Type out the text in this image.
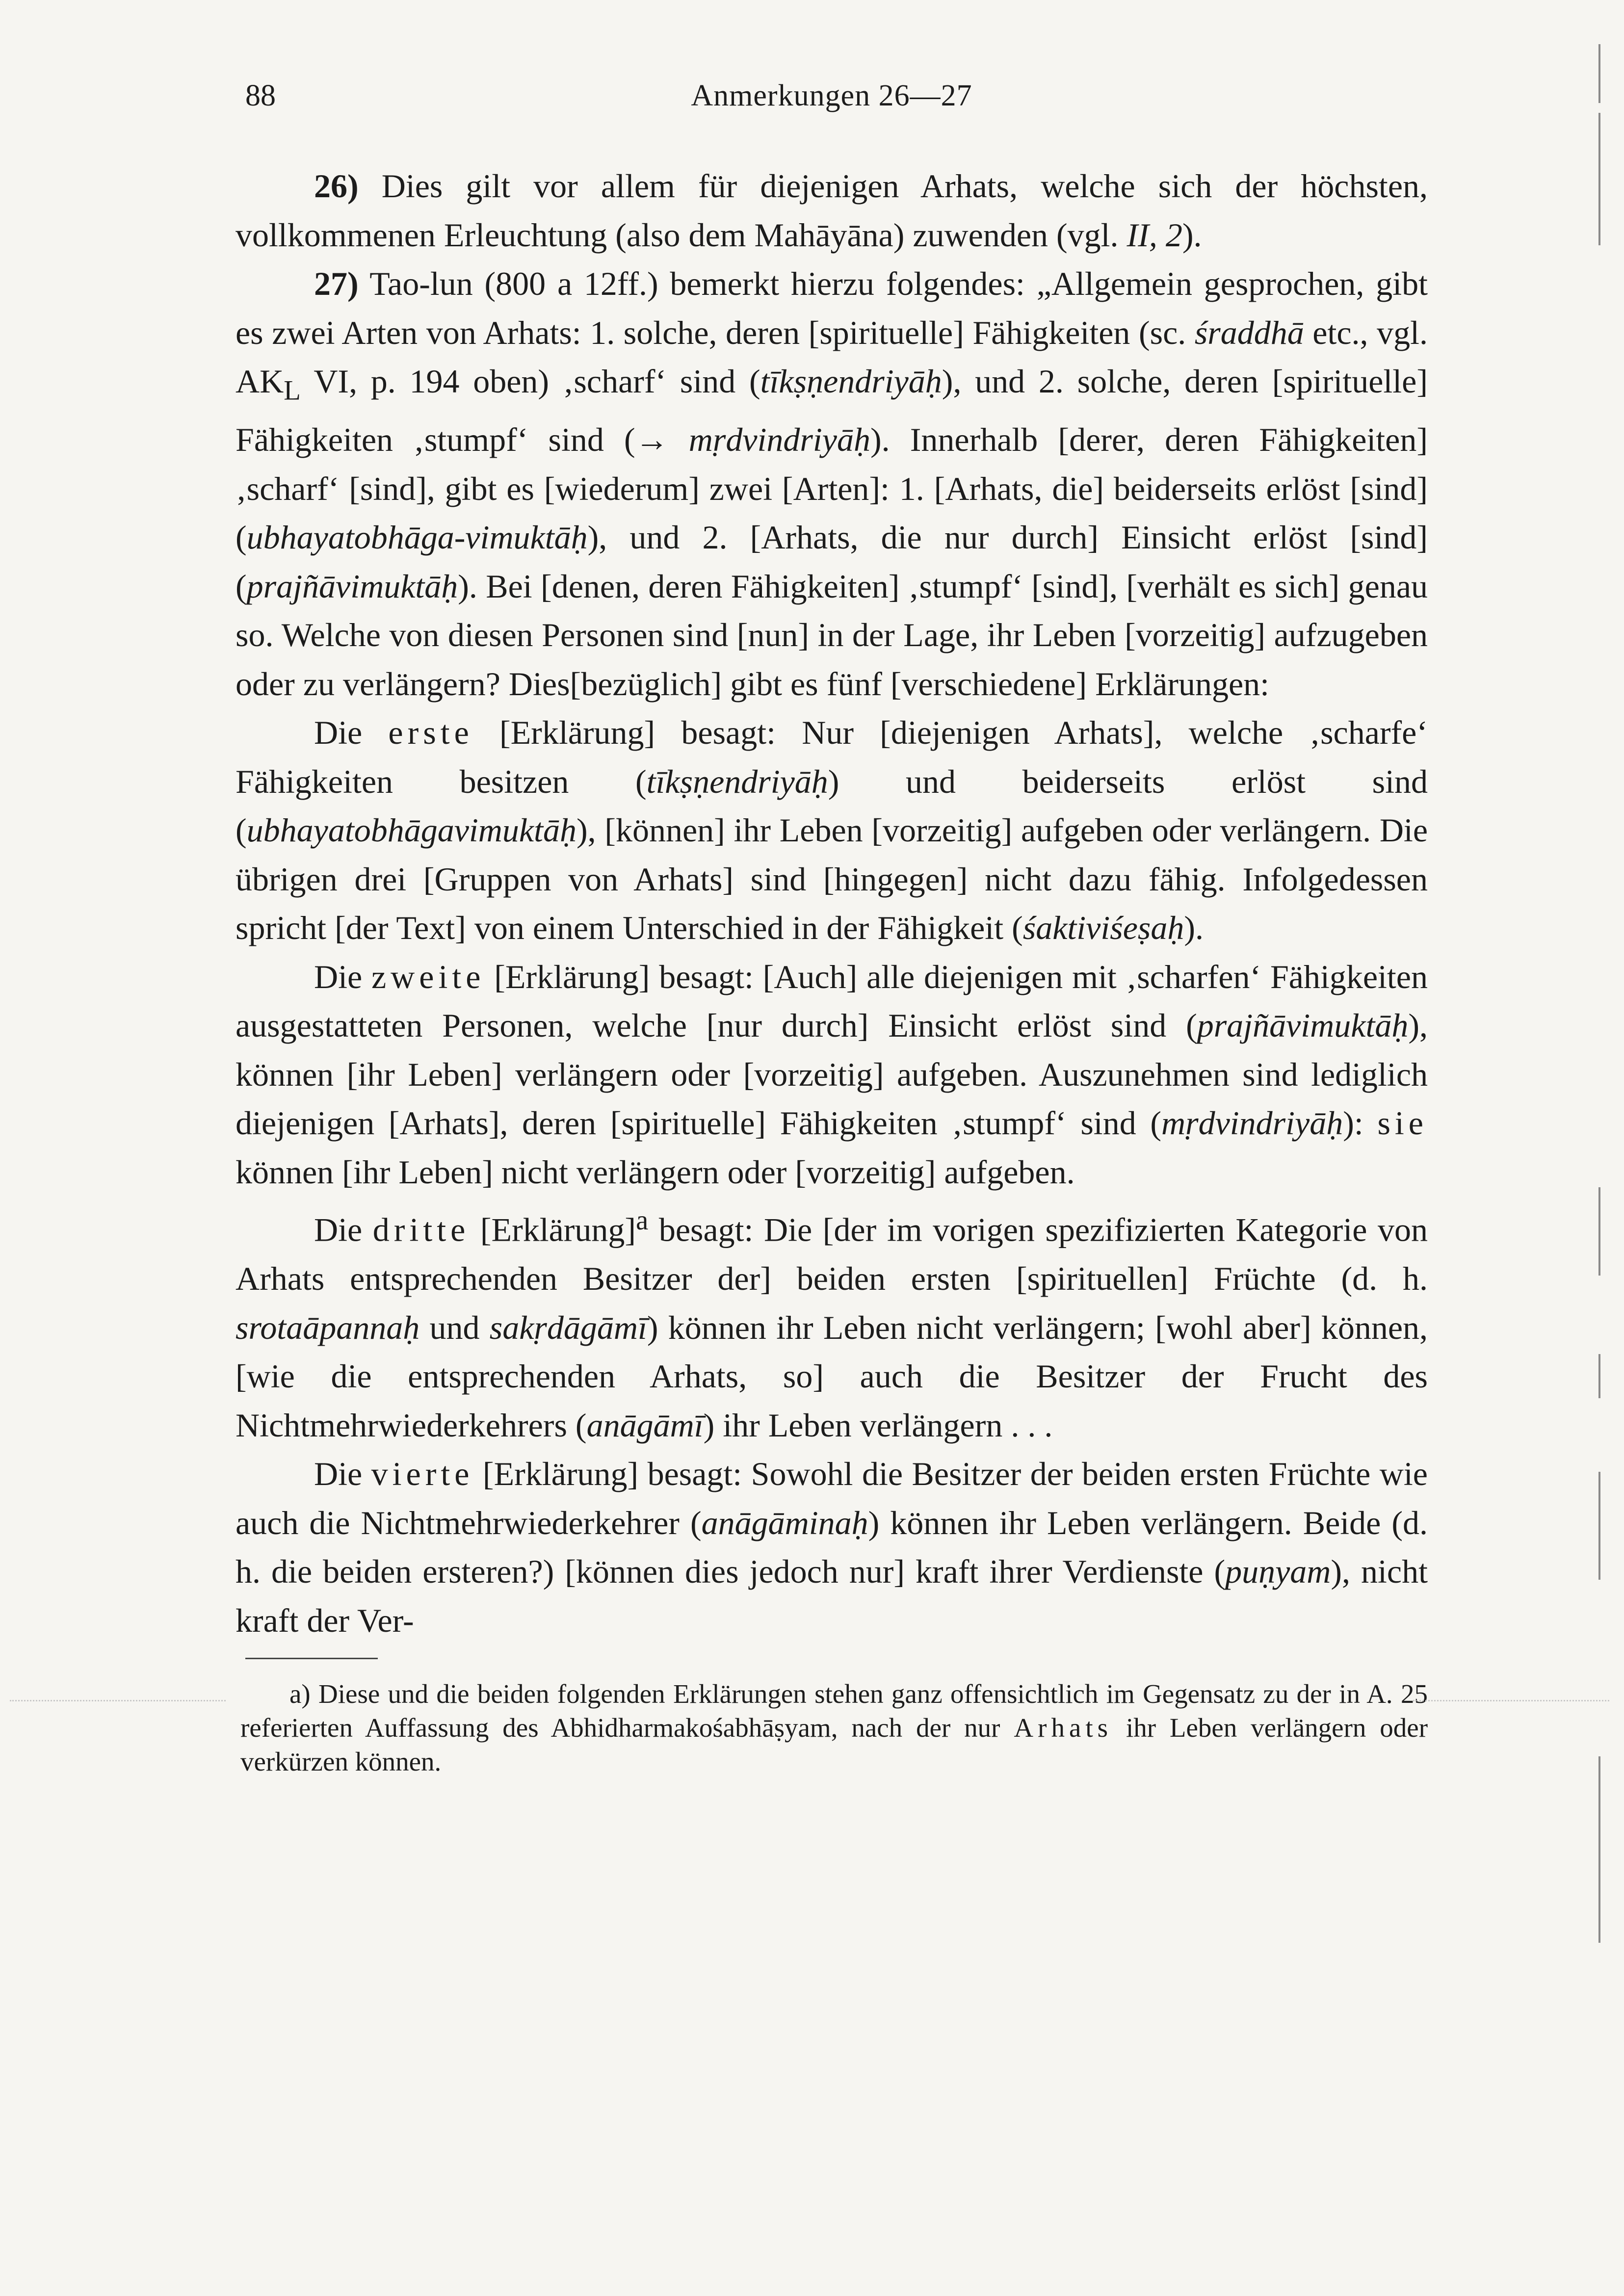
88	Anmerkungen 26—27

26) Dies gilt vor allem für diejenigen Arhats, welche sich der höchsten, vollkommenen Erleuchtung (also dem Mahāyāna) zuwenden (vgl. II, 2).

27) Tao-lun (800 a 12ff.) bemerkt hierzu folgendes: „Allgemein gesprochen, gibt es zwei Arten von Arhats: 1. solche, deren [spirituelle] Fähigkeiten (sc. śraddhā etc., vgl. $AK_L$ VI, p. 194 oben) ‚scharf‘ sind (tīkṣṇendriyāḥ), und 2. solche, deren [spirituelle] Fähigkeiten ‚stumpf‘ sind (→ mṛdvindriyāḥ). Innerhalb [derer, deren Fähigkeiten] ‚scharf‘ [sind], gibt es [wiederum] zwei [Arten]: 1. [Arhats, die] beiderseits erlöst [sind] (ubhayatobhāga-vimuktāḥ), und 2. [Arhats, die nur durch] Einsicht erlöst [sind] (prajñāvimuktāḥ). Bei [denen, deren Fähigkeiten] ‚stumpf‘ [sind], [verhält es sich] genau so. Welche von diesen Personen sind [nun] in der Lage, ihr Leben [vorzeitig] aufzugeben oder zu verlängern? Dies[bezüglich] gibt es fünf [verschiedene] Erklärungen:

Die erste [Erklärung] besagt: Nur [diejenigen Arhats], welche ‚scharfe‘ Fähigkeiten besitzen (tīkṣṇendriyāḥ) und beiderseits erlöst sind (ubhayatobhāgavimuktāḥ), [können] ihr Leben [vorzeitig] aufgeben oder verlängern. Die übrigen drei [Gruppen von Arhats] sind [hingegen] nicht dazu fähig. Infolgedessen spricht [der Text] von einem Unterschied in der Fähigkeit (śaktiviśeṣaḥ).

Die zweite [Erklärung] besagt: [Auch] alle diejenigen mit ‚scharfen‘ Fähigkeiten ausgestatteten Personen, welche [nur durch] Einsicht erlöst sind (prajñāvimuktāḥ), können [ihr Leben] verlängern oder [vorzeitig] aufgeben. Auszunehmen sind lediglich diejenigen [Arhats], deren [spirituelle] Fähigkeiten ‚stumpf‘ sind (mṛdvindriyāḥ): sie können [ihr Leben] nicht verlängern oder [vorzeitig] aufgeben.

Die dritte [Erklärung]$^a$ besagt: Die [der im vorigen spezifizierten Kategorie von Arhats entsprechenden Besitzer der] beiden ersten [spirituellen] Früchte (d. h. srotaāpannaḥ und sakṛdāgāmī) können ihr Leben nicht verlängern; [wohl aber] können, [wie die entsprechenden Arhats, so] auch die Besitzer der Frucht des Nichtmehrwiederkehrers (anāgāmī) ihr Leben verlängern . . .

Die vierte [Erklärung] besagt: Sowohl die Besitzer der beiden ersten Früchte wie auch die Nichtmehrwiederkehrer (anāgāminaḥ) können ihr Leben verlängern. Beide (d. h. die beiden ersteren?) [können dies jedoch nur] kraft ihrer Verdienste (puṇyam), nicht kraft der Ver-

a) Diese und die beiden folgenden Erklärungen stehen ganz offensichtlich im Gegensatz zu der in A. 25 referierten Auffassung des Abhidharmakośabhāṣyam, nach der nur Arhats ihr Leben verlängern oder verkürzen können.
